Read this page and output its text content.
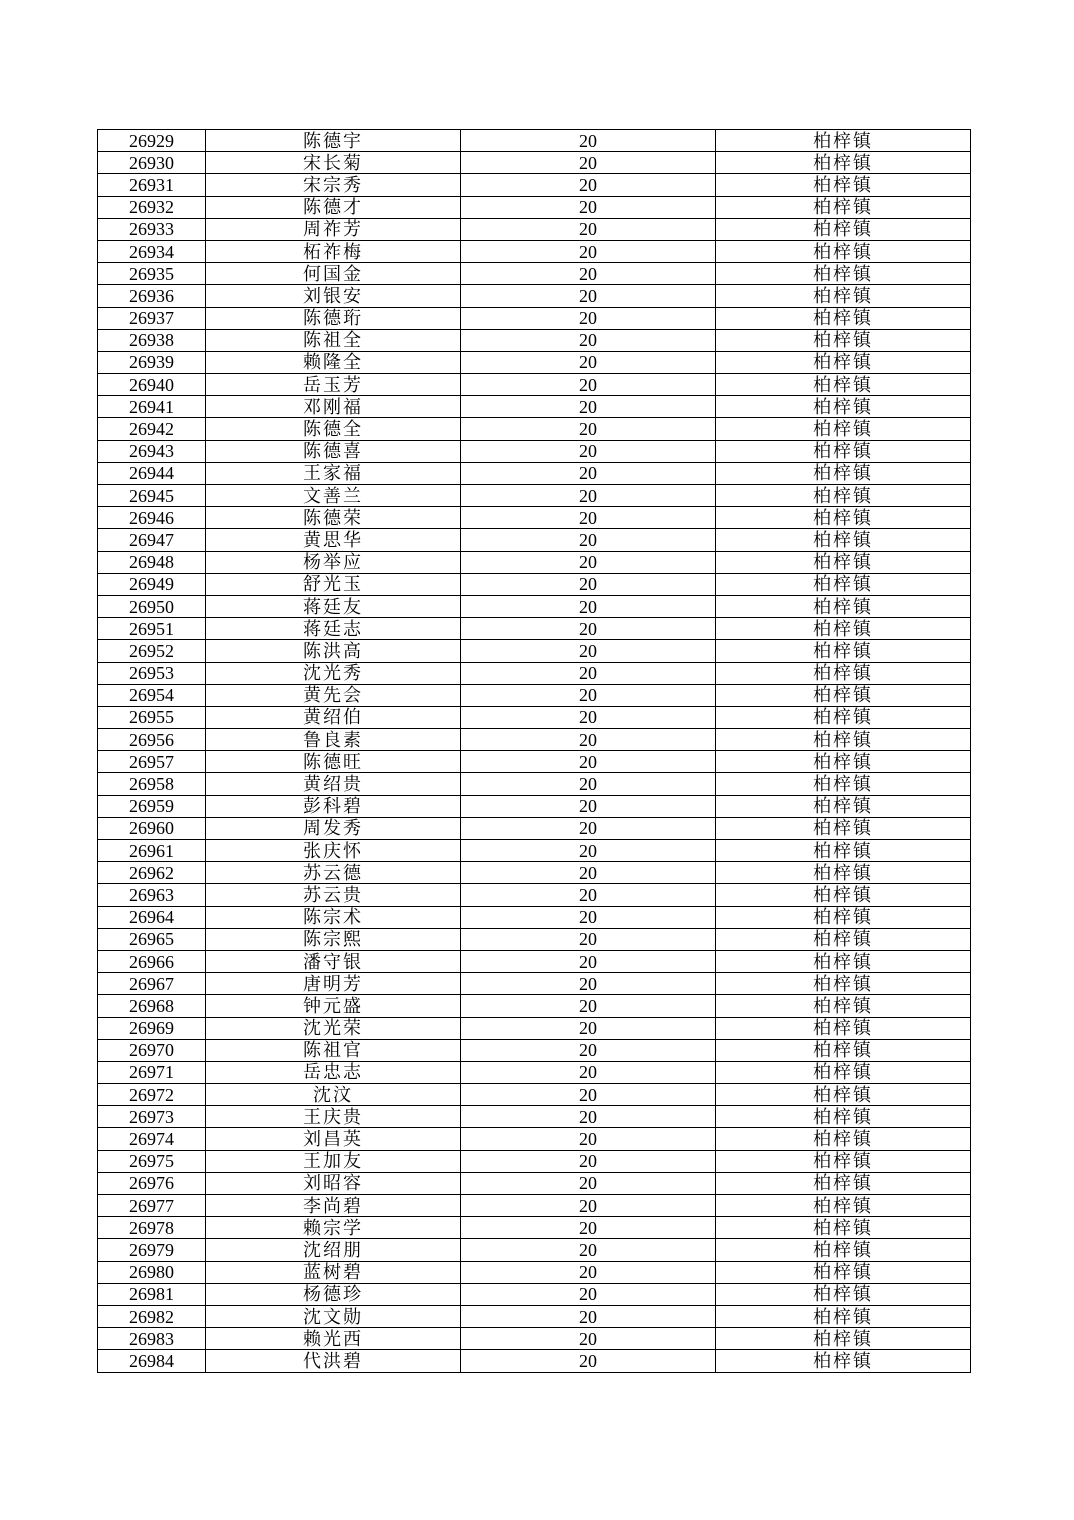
26929	陈德宇	20	柏梓镇
26930	宋长菊	20	柏梓镇
26931	宋宗秀	20	柏梓镇
26932	陈德才	20	柏梓镇
26933	周祚芳	20	柏梓镇
26934	柘祚梅	20	柏梓镇
26935	何国金	20	柏梓镇
26936	刘银安	20	柏梓镇
26937	陈德珩	20	柏梓镇
26938	陈祖全	20	柏梓镇
26939	赖隆全	20	柏梓镇
26940	岳玉芳	20	柏梓镇
26941	邓刚福	20	柏梓镇
26942	陈德全	20	柏梓镇
26943	陈德喜	20	柏梓镇
26944	王家福	20	柏梓镇
26945	文善兰	20	柏梓镇
26946	陈德荣	20	柏梓镇
26947	黄思华	20	柏梓镇
26948	杨举应	20	柏梓镇
26949	舒光玉	20	柏梓镇
26950	蒋廷友	20	柏梓镇
26951	蒋廷志	20	柏梓镇
26952	陈洪高	20	柏梓镇
26953	沈光秀	20	柏梓镇
26954	黄先会	20	柏梓镇
26955	黄绍伯	20	柏梓镇
26956	鲁良素	20	柏梓镇
26957	陈德旺	20	柏梓镇
26958	黄绍贵	20	柏梓镇
26959	彭科碧	20	柏梓镇
26960	周发秀	20	柏梓镇
26961	张庆怀	20	柏梓镇
26962	苏云德	20	柏梓镇
26963	苏云贵	20	柏梓镇
26964	陈宗术	20	柏梓镇
26965	陈宗熙	20	柏梓镇
26966	潘守银	20	柏梓镇
26967	唐明芳	20	柏梓镇
26968	钟元盛	20	柏梓镇
26969	沈光荣	20	柏梓镇
26970	陈祖官	20	柏梓镇
26971	岳忠志	20	柏梓镇
26972	沈汶	20	柏梓镇
26973	王庆贵	20	柏梓镇
26974	刘昌英	20	柏梓镇
26975	王加友	20	柏梓镇
26976	刘昭容	20	柏梓镇
26977	李尚碧	20	柏梓镇
26978	赖宗学	20	柏梓镇
26979	沈绍朋	20	柏梓镇
26980	蓝树碧	20	柏梓镇
26981	杨德珍	20	柏梓镇
26982	沈文勋	20	柏梓镇
26983	赖光西	20	柏梓镇
26984	代洪碧	20	柏梓镇
